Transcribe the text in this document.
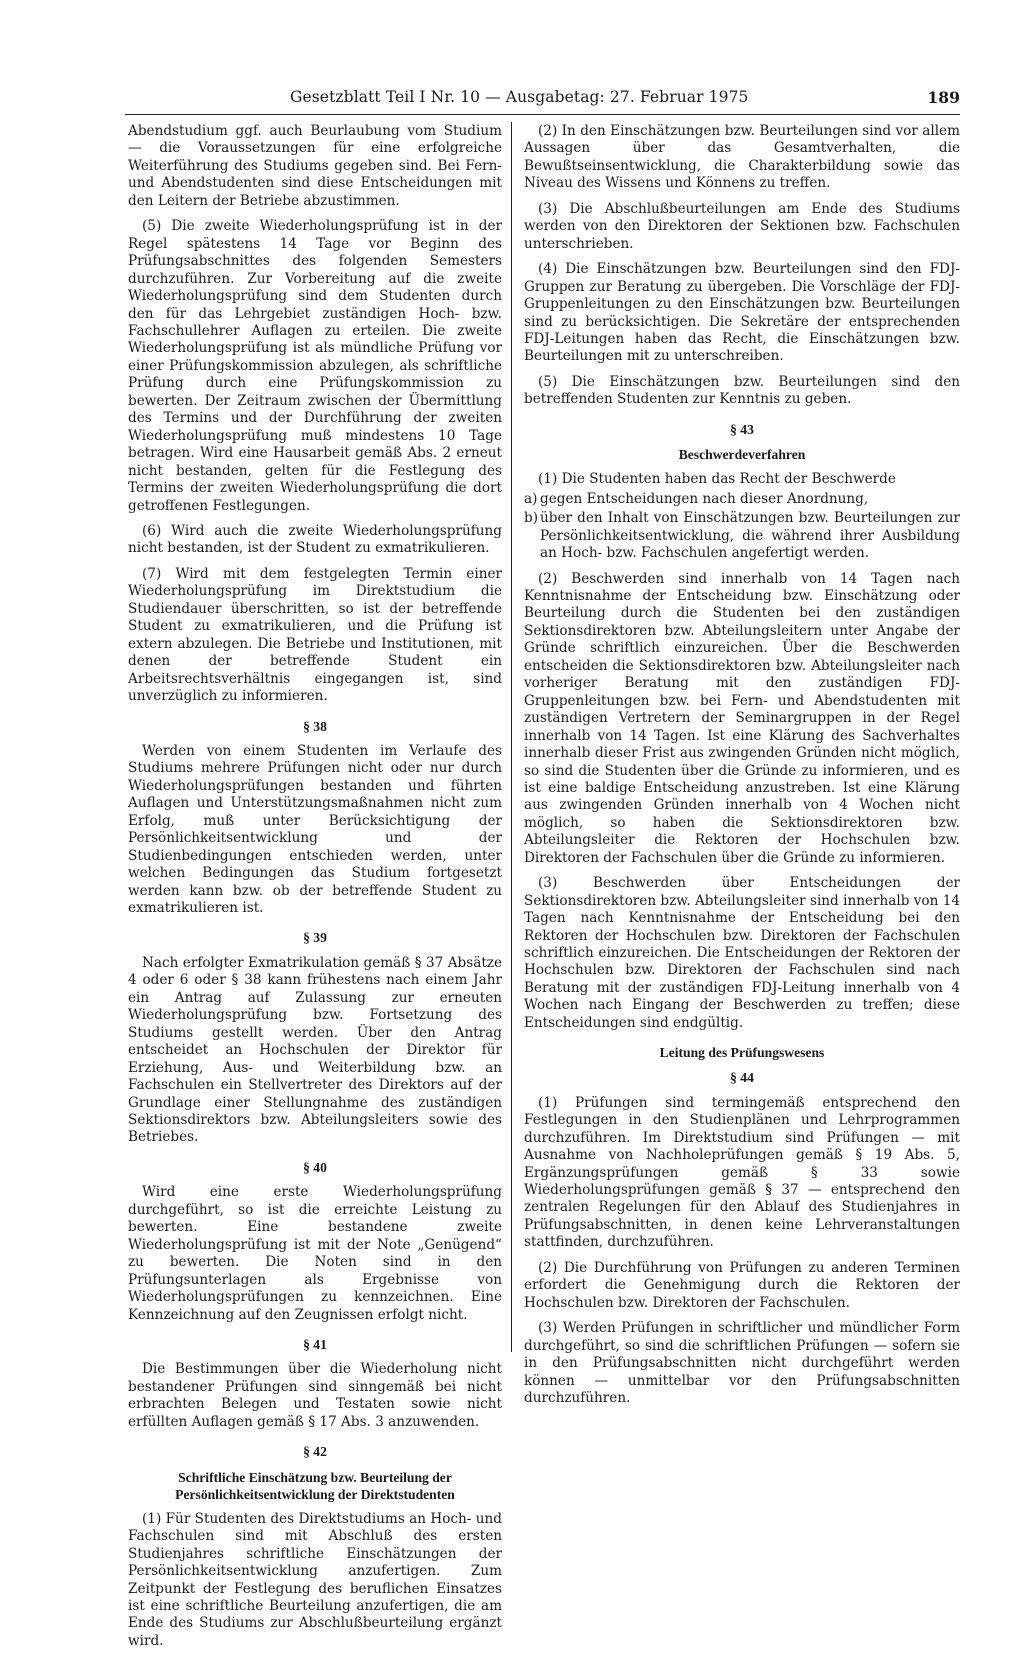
Gesetzblatt Teil I Nr. 10 — Ausgabetag: 27. Februar 1975	189

Abendstudium ggf. auch Beurlaubung vom Studium — die Voraussetzungen für eine erfolgreiche Weiterführung des Studiums gegeben sind. Bei Fern- und Abendstudenten sind diese Entscheidungen mit den Leitern der Betriebe abzustimmen.

(5) Die zweite Wiederholungsprüfung ist in der Regel spätestens 14 Tage vor Beginn des Prüfungsabschnittes des folgenden Semesters durchzuführen. Zur Vorbereitung auf die zweite Wiederholungsprüfung sind dem Studenten durch den für das Lehrgebiet zuständigen Hoch- bzw. Fachschullehrer Auflagen zu erteilen. Die zweite Wiederholungsprüfung ist als mündliche Prüfung vor einer Prüfungskommission abzulegen, als schriftliche Prüfung durch eine Prüfungskommission zu bewerten. Der Zeitraum zwischen der Übermittlung des Termins und der Durchführung der zweiten Wiederholungsprüfung muß mindestens 10 Tage betragen. Wird eine Hausarbeit gemäß Abs. 2 erneut nicht bestanden, gelten für die Festlegung des Termins der zweiten Wiederholungsprüfung die dort getroffenen Festlegungen.

(6) Wird auch die zweite Wiederholungsprüfung nicht bestanden, ist der Student zu exmatrikulieren.

(7) Wird mit dem festgelegten Termin einer Wiederholungsprüfung im Direktstudium die Studiendauer überschritten, so ist der betreffende Student zu exmatrikulieren, und die Prüfung ist extern abzulegen. Die Betriebe und Institutionen, mit denen der betreffende Student ein Arbeitsrechtsverhältnis eingegangen ist, sind unverzüglich zu informieren.

§ 38

Werden von einem Studenten im Verlaufe des Studiums mehrere Prüfungen nicht oder nur durch Wiederholungsprüfungen bestanden und führten Auflagen und Unterstützungsmaßnahmen nicht zum Erfolg, muß unter Berücksichtigung der Persönlichkeitsentwicklung und der Studienbedingungen entschieden werden, unter welchen Bedingungen das Studium fortgesetzt werden kann bzw. ob der betreffende Student zu exmatrikulieren ist.

§ 39

Nach erfolgter Exmatrikulation gemäß § 37 Absätze 4 oder 6 oder § 38 kann frühestens nach einem Jahr ein Antrag auf Zulassung zur erneuten Wiederholungsprüfung bzw. Fortsetzung des Studiums gestellt werden. Über den Antrag entscheidet an Hochschulen der Direktor für Erziehung, Aus- und Weiterbildung bzw. an Fachschulen ein Stellvertreter des Direktors auf der Grundlage einer Stellungnahme des zuständigen Sektionsdirektors bzw. Abteilungsleiters sowie des Betriebes.

§ 40

Wird eine erste Wiederholungsprüfung durchgeführt, so ist die erreichte Leistung zu bewerten. Eine bestandene zweite Wiederholungsprüfung ist mit der Note „Genügend“ zu bewerten. Die Noten sind in den Prüfungsunterlagen als Ergebnisse von Wiederholungsprüfungen zu kennzeichnen. Eine Kennzeichnung auf den Zeugnissen erfolgt nicht.

§ 41

Die Bestimmungen über die Wiederholung nicht bestandener Prüfungen sind sinngemäß bei nicht erbrachten Belegen und Testaten sowie nicht erfüllten Auflagen gemäß § 17 Abs. 3 anzuwenden.

§ 42
Schriftliche Einschätzung bzw. Beurteilung der Persönlichkeitsentwicklung der Direktstudenten

(1) Für Studenten des Direktstudiums an Hoch- und Fachschulen sind mit Abschluß des ersten Studienjahres schriftliche Einschätzungen der Persönlichkeitsentwicklung anzufertigen. Zum Zeitpunkt der Festlegung des beruflichen Einsatzes ist eine schriftliche Beurteilung anzufertigen, die am Ende des Studiums zur Abschlußbeurteilung ergänzt wird.

(2) In den Einschätzungen bzw. Beurteilungen sind vor allem Aussagen über das Gesamtverhalten, die Bewußtseinsentwicklung, die Charakterbildung sowie das Niveau des Wissens und Könnens zu treffen.

(3) Die Abschlußbeurteilungen am Ende des Studiums werden von den Direktoren der Sektionen bzw. Fachschulen unterschrieben.

(4) Die Einschätzungen bzw. Beurteilungen sind den FDJ-Gruppen zur Beratung zu übergeben. Die Vorschläge der FDJ-Gruppenleitungen zu den Einschätzungen bzw. Beurteilungen sind zu berücksichtigen. Die Sekretäre der entsprechenden FDJ-Leitungen haben das Recht, die Einschätzungen bzw. Beurteilungen mit zu unterschreiben.

(5) Die Einschätzungen bzw. Beurteilungen sind den betreffenden Studenten zur Kenntnis zu geben.

§ 43
Beschwerdeverfahren

(1) Die Studenten haben das Recht der Beschwerde

a) gegen Entscheidungen nach dieser Anordnung,
b) über den Inhalt von Einschätzungen bzw. Beurteilungen zur Persönlichkeitsentwicklung, die während ihrer Ausbildung an Hoch- bzw. Fachschulen angefertigt werden.

(2) Beschwerden sind innerhalb von 14 Tagen nach Kenntnisnahme der Entscheidung bzw. Einschätzung oder Beurteilung durch die Studenten bei den zuständigen Sektionsdirektoren bzw. Abteilungsleitern unter Angabe der Gründe schriftlich einzureichen. Über die Beschwerden entscheiden die Sektionsdirektoren bzw. Abteilungsleiter nach vorheriger Beratung mit den zuständigen FDJ-Gruppenleitungen bzw. bei Fern- und Abendstudenten mit zuständigen Vertretern der Seminargruppen in der Regel innerhalb von 14 Tagen. Ist eine Klärung des Sachverhaltes innerhalb dieser Frist aus zwingenden Gründen nicht möglich, so sind die Studenten über die Gründe zu informieren, und es ist eine baldige Entscheidung anzustreben. Ist eine Klärung aus zwingenden Gründen innerhalb von 4 Wochen nicht möglich, so haben die Sektionsdirektoren bzw. Abteilungsleiter die Rektoren der Hochschulen bzw. Direktoren der Fachschulen über die Gründe zu informieren.

(3) Beschwerden über Entscheidungen der Sektionsdirektoren bzw. Abteilungsleiter sind innerhalb von 14 Tagen nach Kenntnisnahme der Entscheidung bei den Rektoren der Hochschulen bzw. Direktoren der Fachschulen schriftlich einzureichen. Die Entscheidungen der Rektoren der Hochschulen bzw. Direktoren der Fachschulen sind nach Beratung mit der zuständigen FDJ-Leitung innerhalb von 4 Wochen nach Eingang der Beschwerden zu treffen; diese Entscheidungen sind endgültig.

Leitung des Prüfungswesens
§ 44

(1) Prüfungen sind termingemäß entsprechend den Festlegungen in den Studienplänen und Lehrprogrammen durchzuführen. Im Direktstudium sind Prüfungen — mit Ausnahme von Nachholeprüfungen gemäß § 19 Abs. 5, Ergänzungsprüfungen gemäß § 33 sowie Wiederholungsprüfungen gemäß § 37 — entsprechend den zentralen Regelungen für den Ablauf des Studienjahres in Prüfungsabschnitten, in denen keine Lehrveranstaltungen stattfinden, durchzuführen.

(2) Die Durchführung von Prüfungen zu anderen Terminen erfordert die Genehmigung durch die Rektoren der Hochschulen bzw. Direktoren der Fachschulen.

(3) Werden Prüfungen in schriftlicher und mündlicher Form durchgeführt, so sind die schriftlichen Prüfungen — sofern sie in den Prüfungsabschnitten nicht durchgeführt werden können — unmittelbar vor den Prüfungsabschnitten durchzuführen.
